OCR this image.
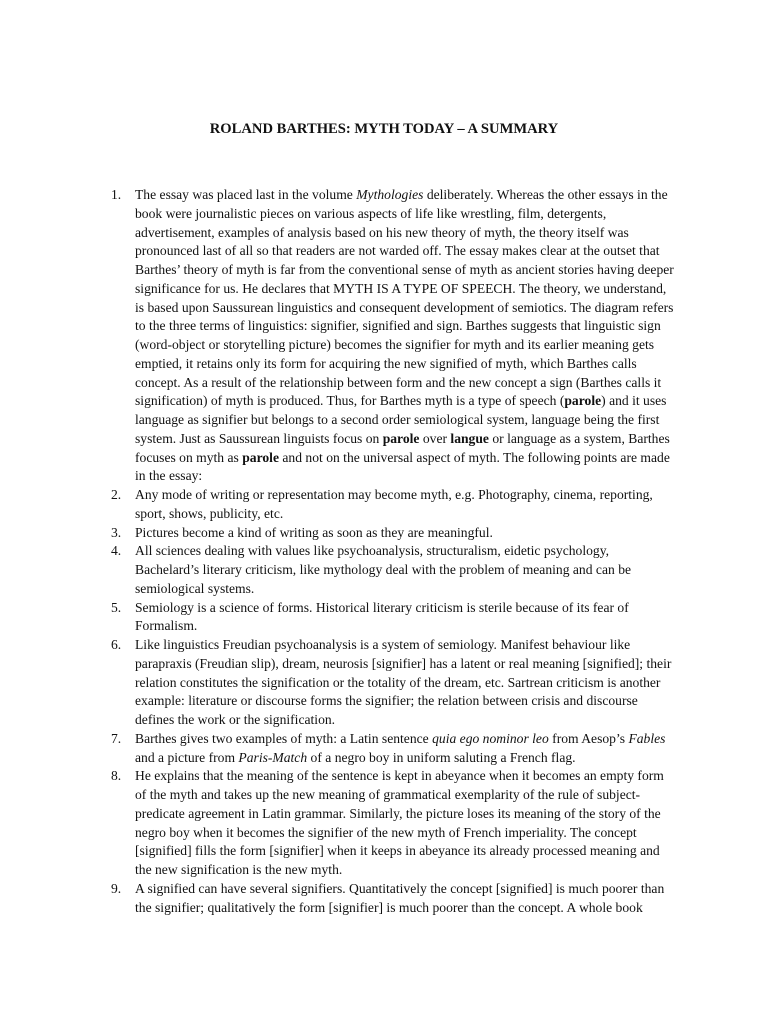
ROLAND BARTHES: MYTH TODAY – A SUMMARY
1. The essay was placed last in the volume Mythologies deliberately. Whereas the other essays in the book were journalistic pieces on various aspects of life like wrestling, film, detergents, advertisement, examples of analysis based on his new theory of myth, the theory itself was pronounced last of all so that readers are not warded off. The essay makes clear at the outset that Barthes’ theory of myth is far from the conventional sense of myth as ancient stories having deeper significance for us. He declares that MYTH IS A TYPE OF SPEECH. The theory, we understand, is based upon Saussurean linguistics and consequent development of semiotics. The diagram refers to the three terms of linguistics: signifier, signified and sign. Barthes suggests that linguistic sign (word-object or storytelling picture) becomes the signifier for myth and its earlier meaning gets emptied, it retains only its form for acquiring the new signified of myth, which Barthes calls concept. As a result of the relationship between form and the new concept a sign (Barthes calls it signification) of myth is produced. Thus, for Barthes myth is a type of speech (parole) and it uses language as signifier but belongs to a second order semiological system, language being the first system. Just as Saussurean linguists focus on parole over langue or language as a system, Barthes focuses on myth as parole and not on the universal aspect of myth. The following points are made in the essay:
2. Any mode of writing or representation may become myth, e.g. Photography, cinema, reporting, sport, shows, publicity, etc.
3. Pictures become a kind of writing as soon as they are meaningful.
4. All sciences dealing with values like psychoanalysis, structuralism, eidetic psychology, Bachelard’s literary criticism, like mythology deal with the problem of meaning and can be semiological systems.
5. Semiology is a science of forms. Historical literary criticism is sterile because of its fear of Formalism.
6. Like linguistics Freudian psychoanalysis is a system of semiology. Manifest behaviour like parapraxis (Freudian slip), dream, neurosis [signifier] has a latent or real meaning [signified]; their relation constitutes the signification or the totality of the dream, etc. Sartrean criticism is another example: literature or discourse forms the signifier; the relation between crisis and discourse defines the work or the signification.
7. Barthes gives two examples of myth: a Latin sentence quia ego nominor leo from Aesop’s Fables and a picture from Paris-Match of a negro boy in uniform saluting a French flag.
8. He explains that the meaning of the sentence is kept in abeyance when it becomes an empty form of the myth and takes up the new meaning of grammatical exemplarity of the rule of subject-predicate agreement in Latin grammar. Similarly, the picture loses its meaning of the story of the negro boy when it becomes the signifier of the new myth of French imperiality. The concept [signified] fills the form [signifier] when it keeps in abeyance its already processed meaning and the new signification is the new myth.
9. A signified can have several signifiers. Quantitatively the concept [signified] is much poorer than the signifier; qualitatively the form [signifier] is much poorer than the concept. A whole book
